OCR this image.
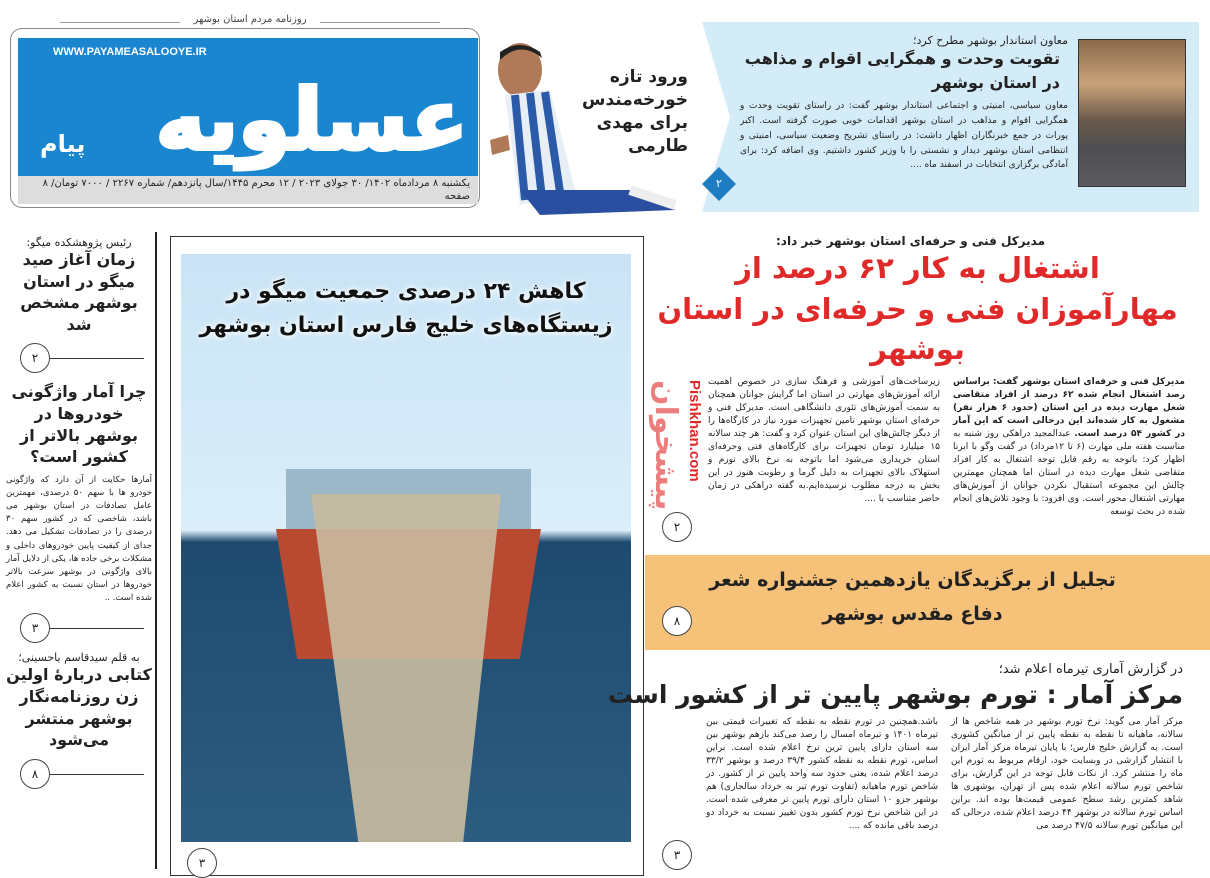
روزنامه مردم استان بوشهر
WWW.PAYAMEASALOOYE.IR
عسلویه
پیام
یکشنبه ۸ مردادماه ۱۴۰۲/ ۳۰ جولای ۲۰۲۳ / ۱۲ محرم ۱۴۴۵/سال پانزدهم/ شماره ۲۲۶۷ / ۷۰۰۰ تومان/ ۸ صفحه
ورود تازه خورخه‌مندس برای مهدی طارمی
۲
معاون استاندار بوشهر مطرح کرد؛
تقویت وحدت و همگرایی اقوام و مذاهب در استان بوشهر
معاون سیاسی، امنیتی و اجتماعی استاندار بوشهر گفت: در راستای تقویت وحدت و همگرایی اقوام و مذاهب در استان بوشهر اقدامات خوبی صورت گرفته است. اکبر پورات در جمع خبرنگاران اظهار داشت: در راستای تشریح وضعیت سیاسی، امنیتی و انتظامی استان بوشهر دیدار و نشستی را با وزیر کشور داشتیم. وی اضافه کرد: برای آمادگی برگزاری انتخابات در اسفند ماه ....
رئیس پژوهشکده میگو:
زمان آغاز صید میگو در استان بوشهر مشخص شد
۲
چرا آمار واژگونی خودروها در بوشهر بالاتر از کشور است؟
آمارها حکایت از آن دارد که واژگونی خودرو ها با سهم ۵۰ درصدی، مهمترین عامل تصادفات در استان بوشهر می باشد، شاخصی که در کشور سهم ۳۰ درصدی را در تصادفات تشکیل می دهد. جدای از کیفیت پایین خودروهای داخلی و مشکلات برخی جاده ها، یکی از دلایل آمار بالای واژگونی در بوشهر سرعت بالاتر خودروها در استان نسبت به کشور اعلام شده است. ..
۳
به قلم سیدقاسم یاحسینی؛
کتابی دربارهٔ اولین زن روزنامه‌نگار بوشهر منتشر می‌شود
۸
کاهش ۲۴ درصدی جمعیت میگو در زیستگاه‌های خلیج فارس استان بوشهر
۳
مدیرکل فنی و حرفه‌ای استان بوشهر خبر داد:
اشتغال به کار ۶۲ درصد از مهارآموزان فنی و حرفه‌ای در استان بوشهر
مدیرکل فنی و حرفه‌ای استان بوشهر گفت: براساس رصد اشتغال انجام شده ۶۲ درصد از افراد متقاضی شغل مهارت دیده در این استان (حدود ۶ هزار نفر) مشغول به کار شده‌اند این درحالی است که این آمار در کشور ۵۴ درصد است. عبدالمجید دراهکی روز شنبه به مناسبت هفته ملی مهارت (۶ تا ۱۲مرداد) در گفت وگو با ایرنا اظهار کرد: باتوجه به رقم قابل توجه اشتغال به کار افراد متقاضی شغل مهارت دیده در استان اما همچنان مهمترین چالش این مجموعه استقبال نکردن جوانان از آموزش‌های مهارتی اشتغال محور است. وی افزود: با وجود تلاش‌های انجام شده در بحث توسعه
زیرساخت‌های آموزشی و فرهنگ سازی در خصوص اهمیت ارائه آموزش‌های مهارتی در استان اما گرایش جوانان همچنان به سمت آموزش‌های تئوری دانشگاهی است. مدیرکل فنی و حرفه‌ای استان بوشهر تامین تجهیزات مورد نیاز در کارگاه‌ها را از دیگر چالش‌های این استان عنوان کرد و گفت: هر چند سالانه ۱۵ میلیارد تومان تجهیزات برای کارگاه‌های فنی وحرفه‌ای استان خریداری می‌شود اما باتوجه به نرخ بالای تورم و استهلاک بالای تجهیزات به دلیل گرما و رطوبت هنوز در این بخش به درجه مطلوب نرسیده‌ایم.به گفته دراهکی در زمان حاضر متناسب با ....
پیشخوان Pishkhan.com
۲
تجلیل از برگزیدگان یازدهمین جشنواره شعر دفاع مقدس بوشهر
۸
در گزارش آماری تیرماه اعلام شد؛
مرکز آمار : تورم بوشهر پایین تر از کشور است
مرکز آمار می گوید: نرخ تورم بوشهر در همه شاخص ها از سالانه، ماهیانه تا نقطه به نقطه پایین تر از میانگین کشوری است. به گزارش خلیج فارس؛ با پایان تیرماه مرکز آمار ایران با انتشار گزارشی در وبسایت خود، ارقام مربوط به تورم این ماه را منتشر کرد. از نکات قابل توجه در این گزارش، برای شاخص تورم سالانه اعلام شده پس از تهران، بوشهری ها شاهد کمترین رشد سطح عمومی قیمت‌ها بوده اند. براین اساس تورم سالانه در بوشهر ۴۴ درصد اعلام شده، درحالی که این میانگین تورم سالانه ۴۷/۵ درصد می
باشد.همچنین در تورم نقطه به نقطه که تغییرات قیمتی بین تیرماه ۱۴۰۱ و تیرماه امسال را رصد می‌کند بازهم بوشهر بین سه استان دارای پایین ترین نرخ اعلام شده است. براین اساس، تورم نقطه به نقطه کشور ۳۹/۴ درصد و بوشهر ۳۳/۲ درصد اعلام شده، یعنی حدود سه واحد پایین تر از کشور. در شاخص تورم ماهیانه (تفاوت تورم تیر به خرداد سالجاری) هم بوشهر جزو ۱۰ استان دارای تورم پایین تر معرفی شده است. در این شاخص نرخ تورم کشور بدون تغییر نسبت به خرداد دو درصد باقی مانده که ....
۳
